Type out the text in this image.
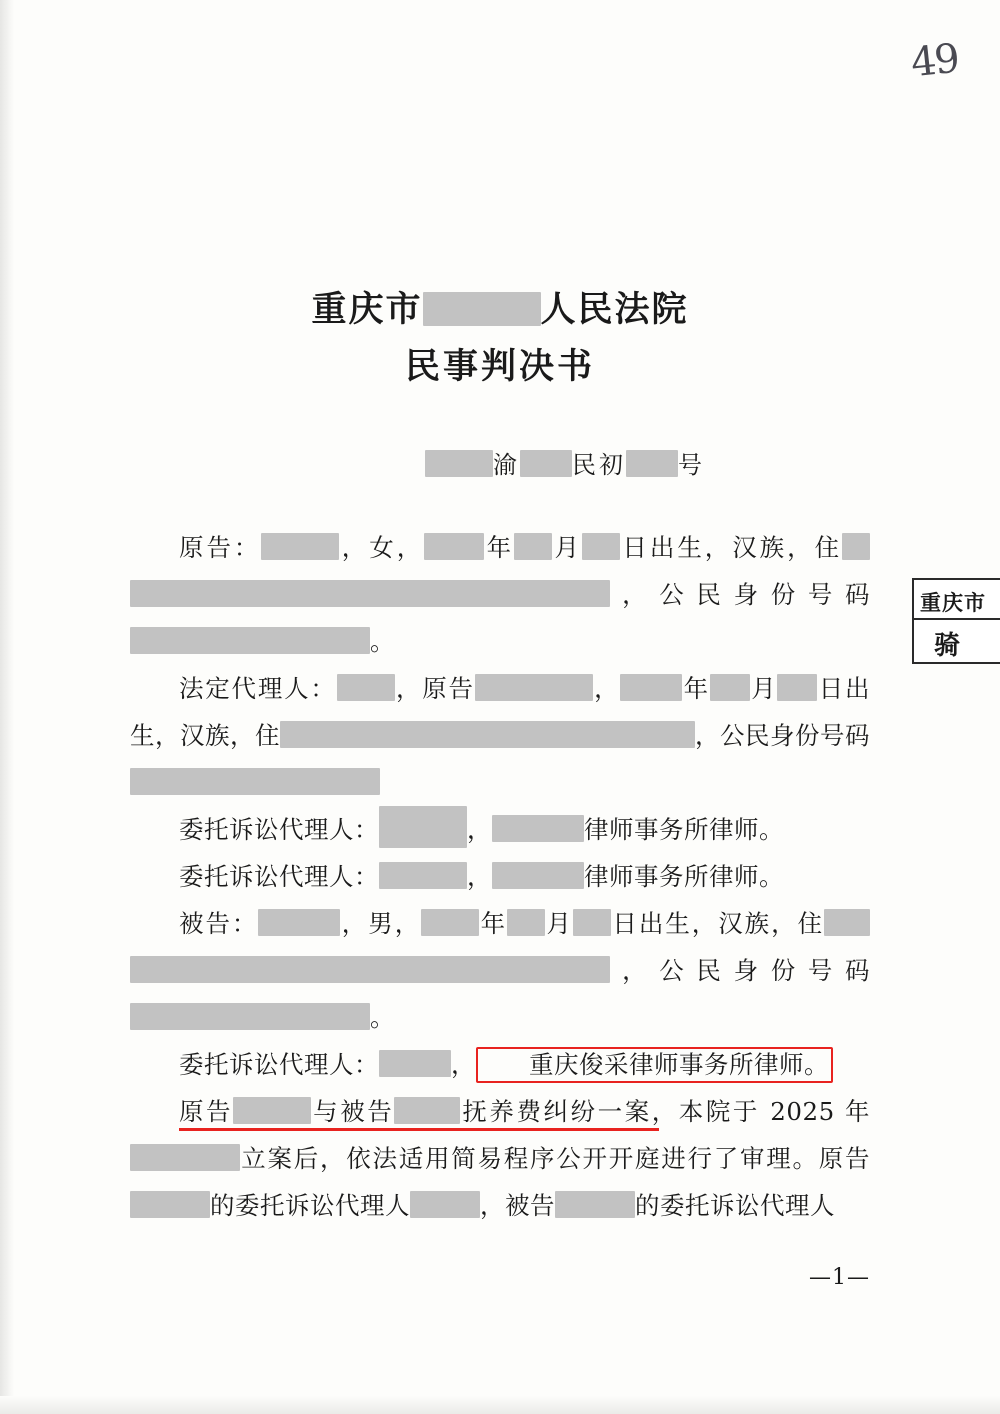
49
重庆市
骑
重庆市	人民法院
民事判决书
渝 民初 号

原告：	，女， 年 月 日出生，汉族，住，公民身份号码。

法定代理人： ，原告	，	年 月 日出生，汉族，住	，公民身份号码

委托诉讼代理人：	，	律师事务所律师。

委托诉讼代理人：	，	律师事务所律师。

被告：	，男， 年 月 日出生，汉族，住，公民身份号码。

委托诉讼代理人：	， 重庆俊采律师事务所律师。

原告	与被告	抚养费纠纷一案，本院于 2025 年立案后，依法适用简易程序公开开庭进行了审理。原告的委托诉讼代理人	，被告	的委托诉讼代理人

—1—
